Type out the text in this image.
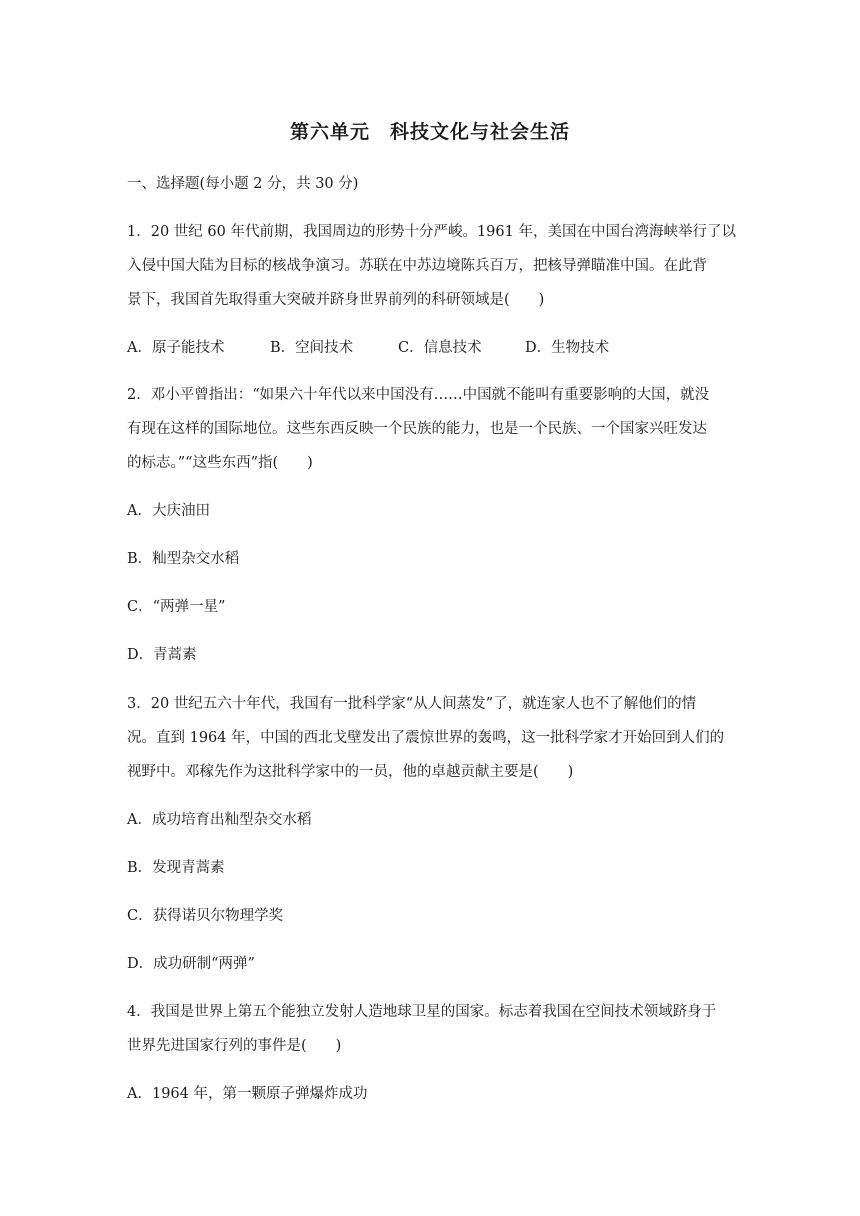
第六单元　科技文化与社会生活
一、选择题(每小题 2 分，共 30 分)
1．20 世纪 60 年代前期，我国周边的形势十分严峻。1961 年，美国在中国台湾海峡举行了以
入侵中国大陆为目标的核战争演习。苏联在中苏边境陈兵百万，把核导弹瞄准中国。在此背
景下，我国首先取得重大突破并跻身世界前列的科研领域是(　　)
A．原子能技术	B．空间技术	C．信息技术	D．生物技术
2．邓小平曾指出：“如果六十年代以来中国没有……中国就不能叫有重要影响的大国，就没
有现在这样的国际地位。这些东西反映一个民族的能力，也是一个民族、一个国家兴旺发达
的标志。”“这些东西”指(　　)
A．大庆油田
B．籼型杂交水稻
C．“两弹一星”
D．青蒿素
3．20 世纪五六十年代，我国有一批科学家“从人间蒸发”了，就连家人也不了解他们的情
况。直到 1964 年，中国的西北戈壁发出了震惊世界的轰鸣，这一批科学家才开始回到人们的
视野中。邓稼先作为这批科学家中的一员，他的卓越贡献主要是(　　)
A．成功培育出籼型杂交水稻
B．发现青蒿素
C．获得诺贝尔物理学奖
D．成功研制“两弹”
4．我国是世界上第五个能独立发射人造地球卫星的国家。标志着我国在空间技术领域跻身于
世界先进国家行列的事件是(　　)
A．1964 年，第一颗原子弹爆炸成功
